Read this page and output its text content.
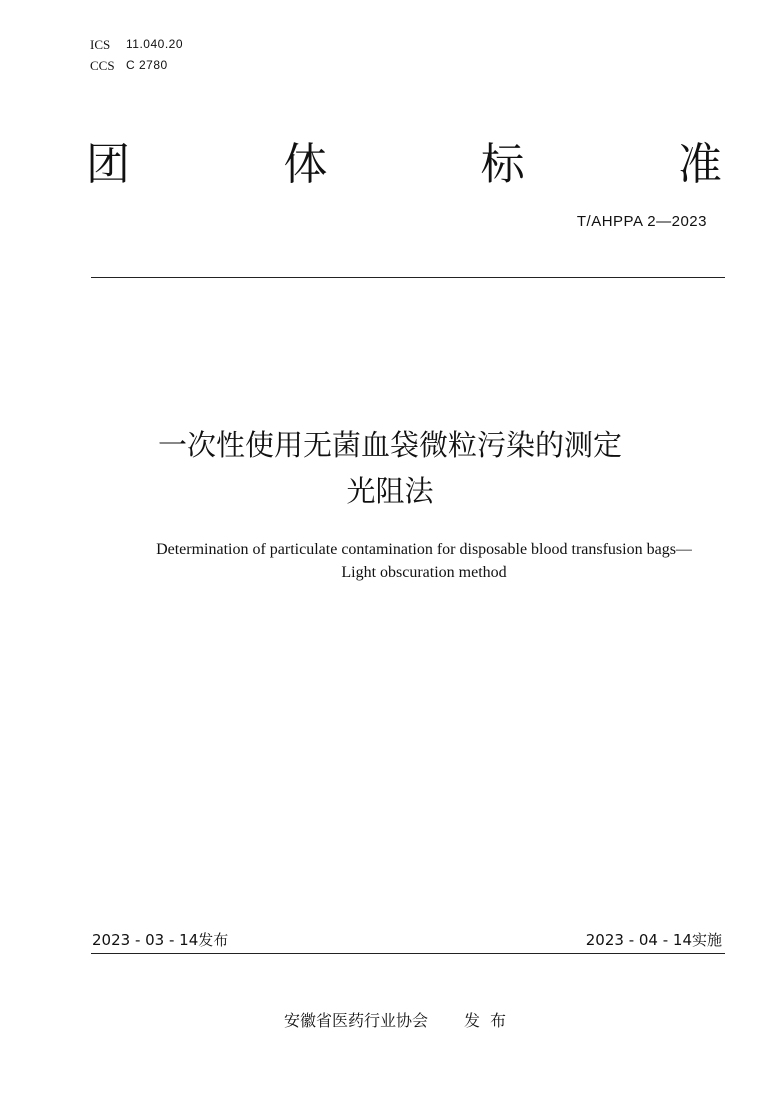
ICS	11.040.20
CCS C 2780
团	体	标	准
T/AHPPA 2—2023
一次性使用无菌血袋微粒污染的测定
光阻法
Determination of particulate contamination for disposable blood transfusion bags—
Light obscuration method
2023 - 03 - 14发布	2023 - 04 - 14实施
安徽省医药行业协会 发布
